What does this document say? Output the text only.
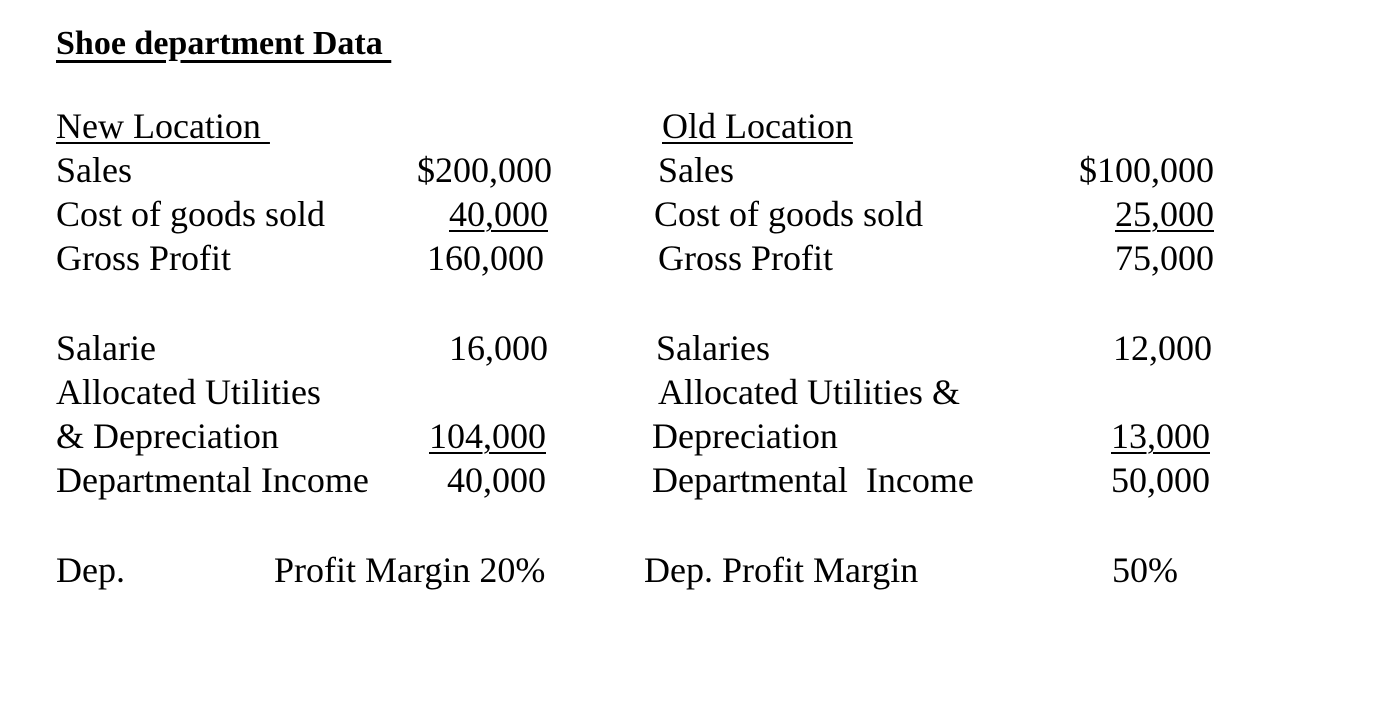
Shoe department Data
New Location
Sales	$200,000
Cost of goods sold	40,000
Gross Profit	160,000
Salarie	16,000
Allocated Utilities
& Depreciation	104,000
Departmental Income	40,000
Dep.	Profit Margin 20%
Old Location
Sales	$100,000
Cost of goods sold	25,000
Gross Profit	75,000
Salaries	12,000
Allocated Utilities &
Depreciation	13,000
Departmental  Income	50,000
Dep. Profit Margin	50%
